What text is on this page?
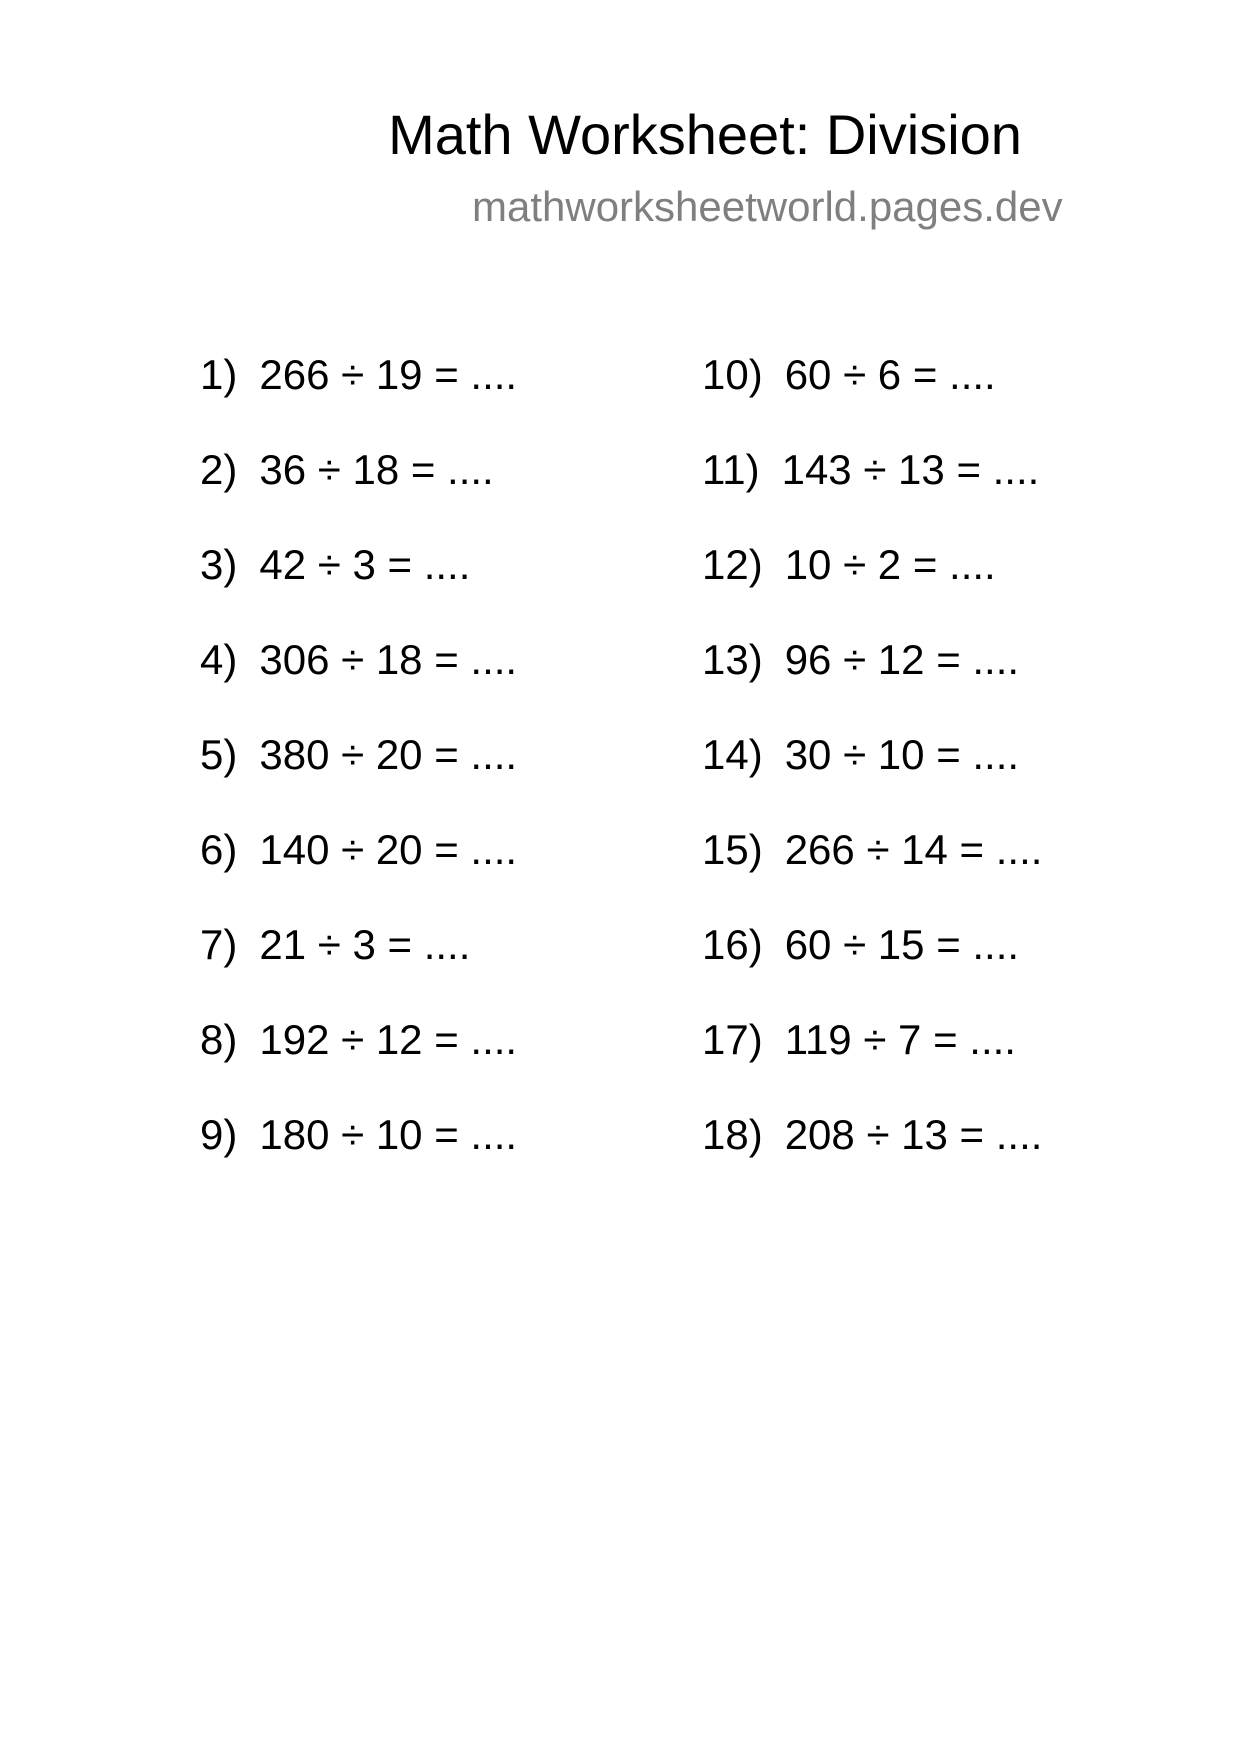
Math Worksheet: Division
mathworksheetworld.pages.dev
1) 266 ÷ 19 = ....
2) 36 ÷ 18 = ....
3) 42 ÷ 3 = ....
4) 306 ÷ 18 = ....
5) 380 ÷ 20 = ....
6) 140 ÷ 20 = ....
7) 21 ÷ 3 = ....
8) 192 ÷ 12 = ....
9) 180 ÷ 10 = ....
10) 60 ÷ 6 = ....
11) 143 ÷ 13 = ....
12) 10 ÷ 2 = ....
13) 96 ÷ 12 = ....
14) 30 ÷ 10 = ....
15) 266 ÷ 14 = ....
16) 60 ÷ 15 = ....
17) 119 ÷ 7 = ....
18) 208 ÷ 13 = ....
